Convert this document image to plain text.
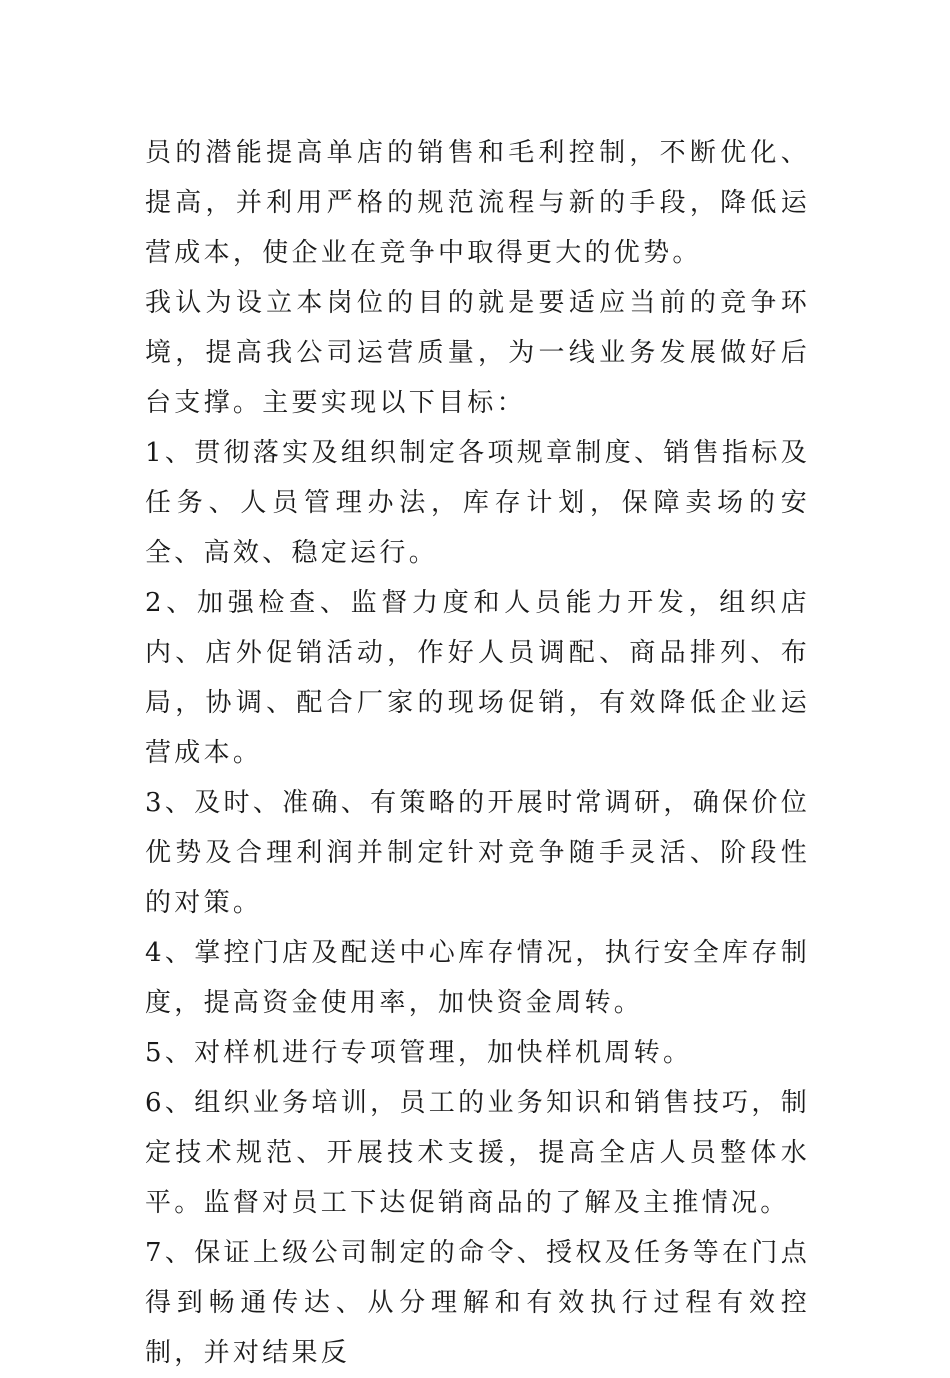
员的潜能提高单店的销售和毛利控制，不断优化、提高，并利用严格的规范流程与新的手段，降低运营成本，使企业在竞争中取得更大的优势。

我认为设立本岗位的目的就是要适应当前的竞争环境，提高我公司运营质量，为一线业务发展做好后台支撑。主要实现以下目标：

1、贯彻落实及组织制定各项规章制度、销售指标及任务、人员管理办法，库存计划，保障卖场的安全、高效、稳定运行。

2、加强检查、监督力度和人员能力开发，组织店内、店外促销活动，作好人员调配、商品排列、布局，协调、配合厂家的现场促销，有效降低企业运营成本。

3、及时、准确、有策略的开展时常调研，确保价位优势及合理利润并制定针对竞争随手灵活、阶段性的对策。

4、掌控门店及配送中心库存情况，执行安全库存制度，提高资金使用率，加快资金周转。

5、对样机进行专项管理，加快样机周转。

6、组织业务培训，员工的业务知识和销售技巧，制定技术规范、开展技术支援，提高全店人员整体水平。监督对员工下达促销商品的了解及主推情况。

7、保证上级公司制定的命令、授权及任务等在门点得到畅通传达、从分理解和有效执行过程有效控制，并对结果反
